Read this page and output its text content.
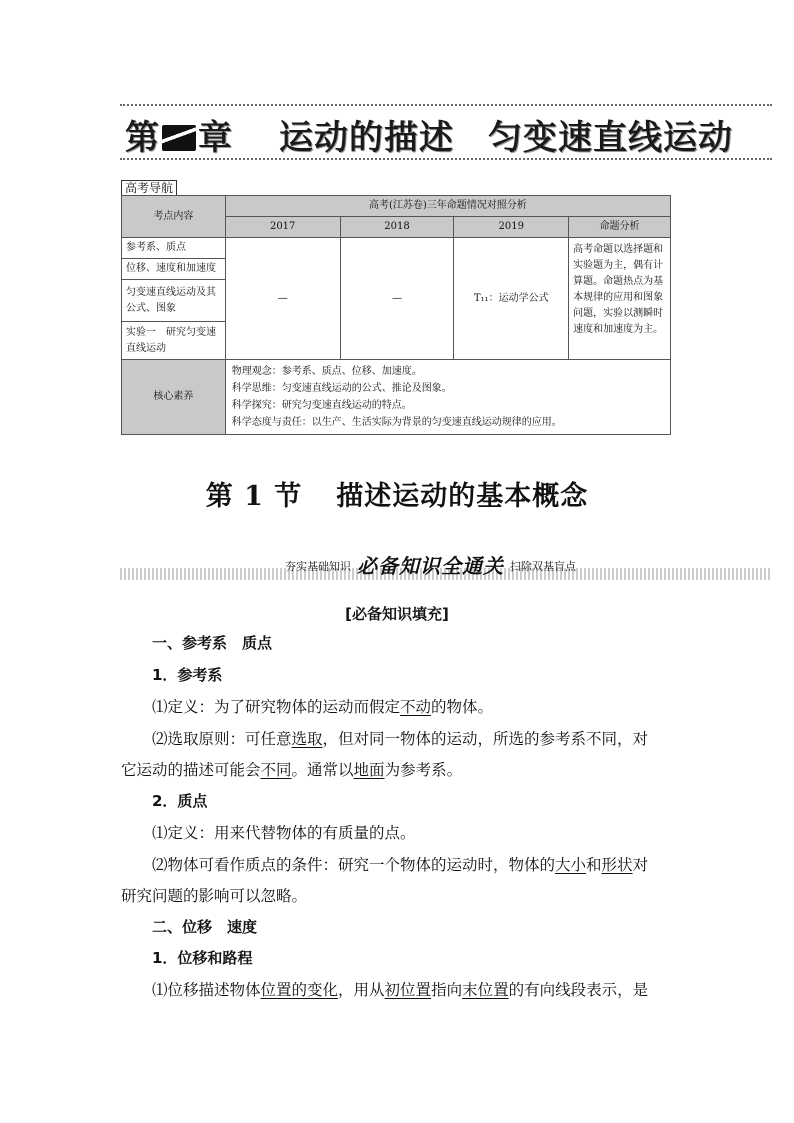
第 章 运动的描述 匀变速直线运动
高考导航
考点内容	高考(江苏卷)三年命题情况对照分析			
	2017	2018	2019	命题分析
参考系、质点	—	—	T₁₁：运动学公式	高考命题以选择题和实验题为主，偶有计算题。命题热点为基本规律的应用和图象问题，实验以测瞬时速度和加速度为主。
位移、速度和加速度				
匀变速直线运动及其公式、图象				
实验一　研究匀变速直线运动				
核心素养	物理观念：参考系、质点、位移、加速度。
科学思维：匀变速直线运动的公式、推论及图象。
科学探究：研究匀变速直线运动的特点。
科学态度与责任：以生产、生活实际为背景的匀变速直线运动规律的应用。			
第 1 节 描述运动的基本概念
夯实基础知识 必备知识全通关 扫除双基盲点
[必备知识填充]
一、参考系　质点
1．参考系
⑴定义：为了研究物体的运动而假定不动的物体。
⑵选取原则：可任意选取，但对同一物体的运动，所选的参考系不同，对
它运动的描述可能会不同。通常以地面为参考系。
2．质点
⑴定义：用来代替物体的有质量的点。
⑵物体可看作质点的条件：研究一个物体的运动时，物体的大小和形状对
研究问题的影响可以忽略。
二、位移　速度
1．位移和路程
⑴位移描述物体位置的变化，用从初位置指向末位置的有向线段表示，是
